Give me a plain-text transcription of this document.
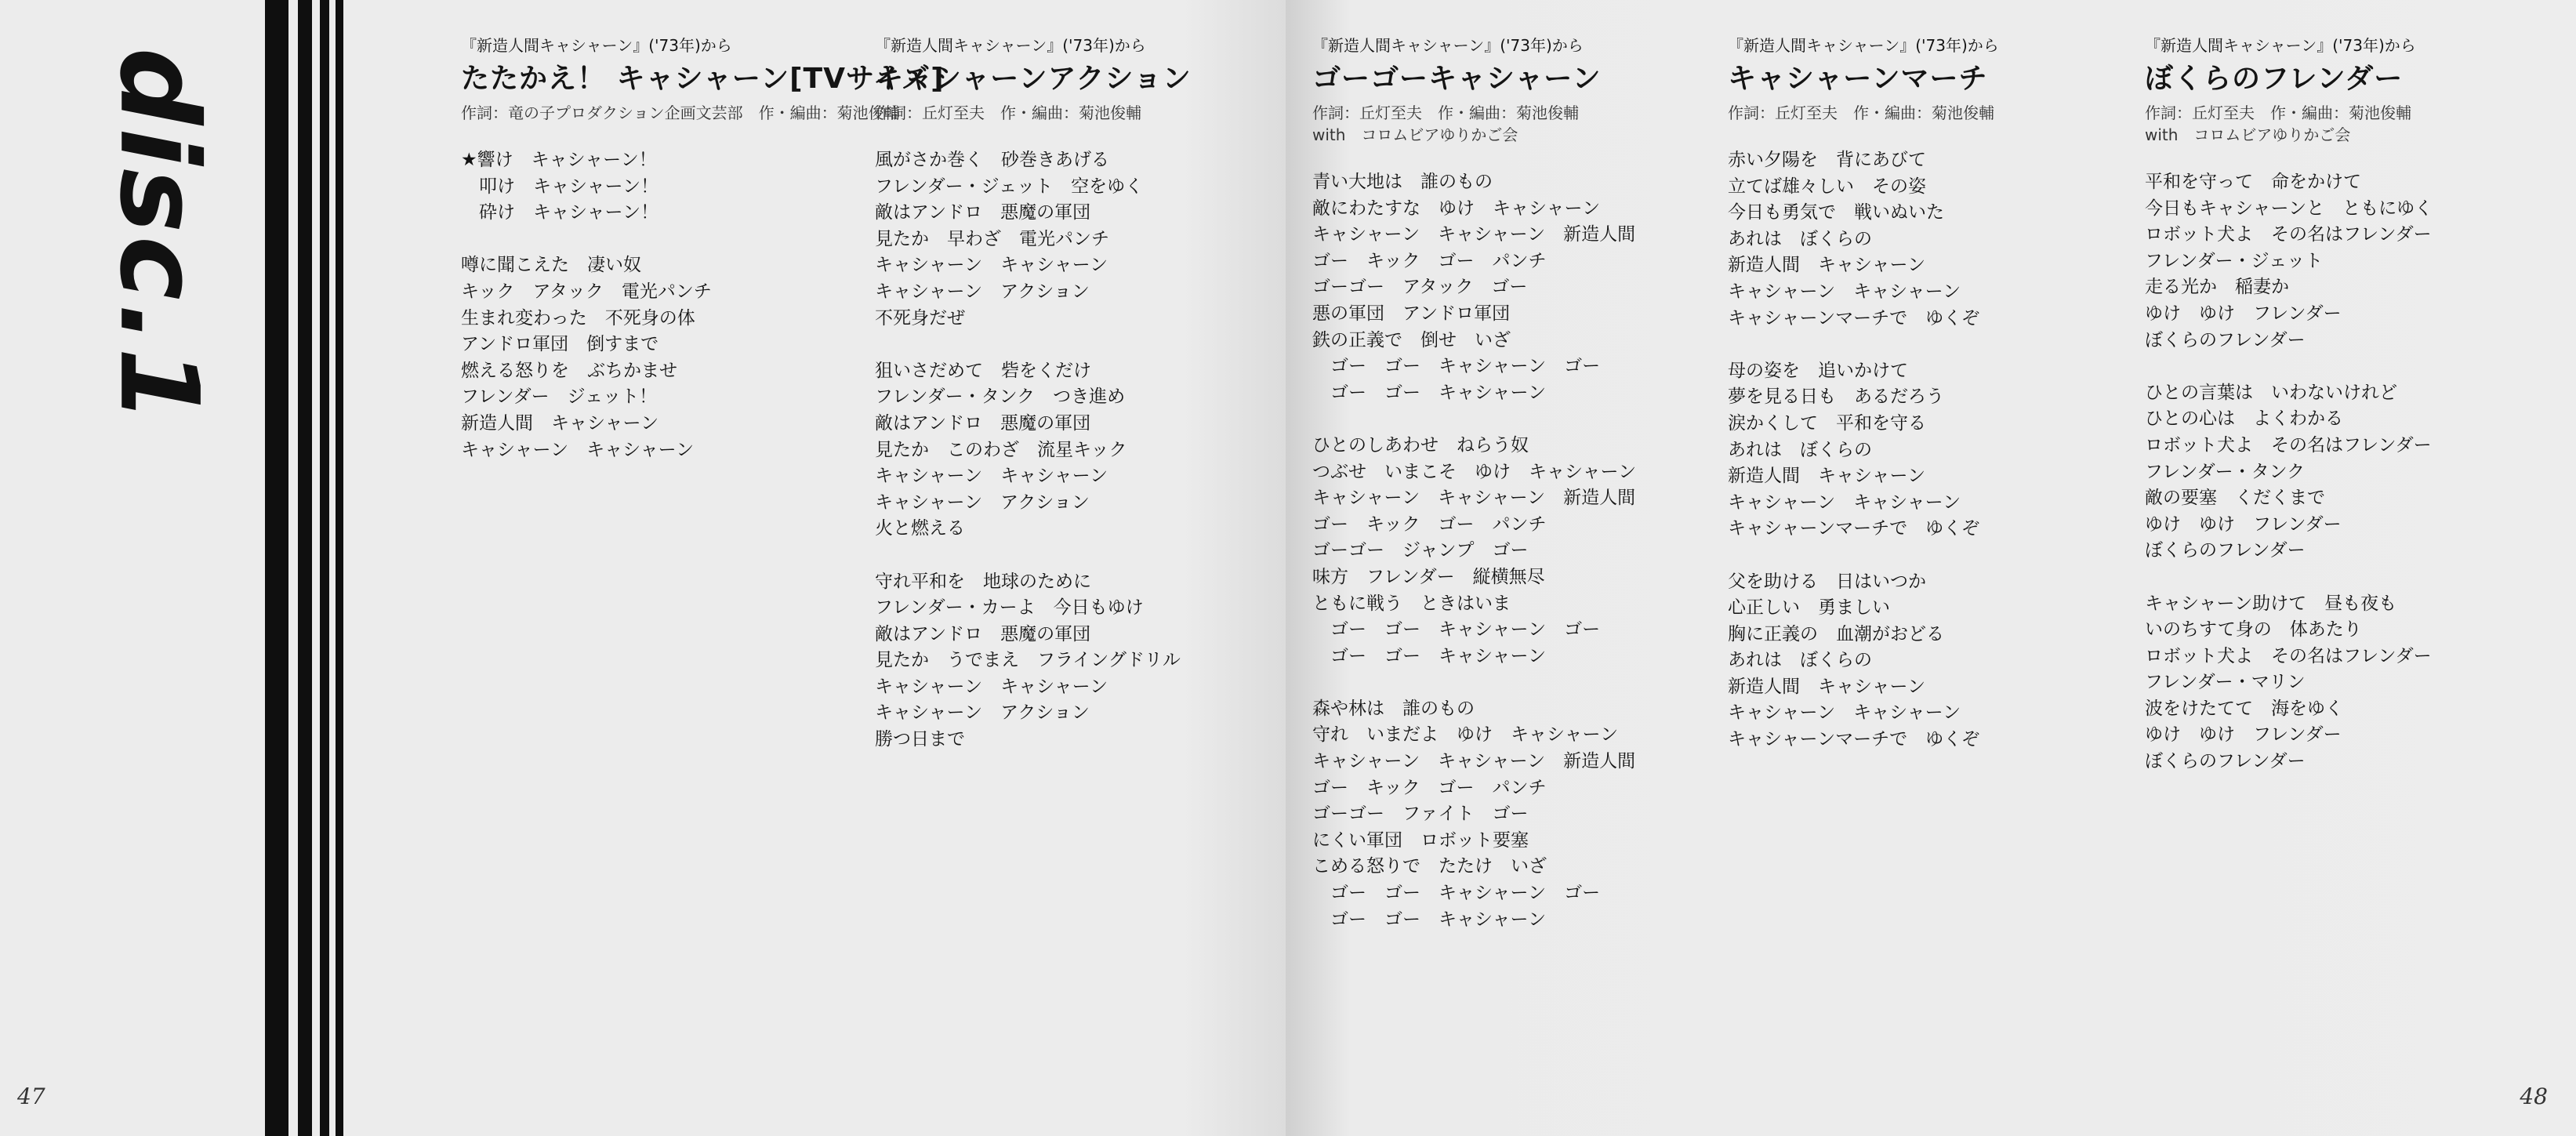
disc.1
『新造人間キャシャーン』('73年)から
たたかえ！ キャシャーン[TVサイズ]
作詞：竜の子プロダクション企画文芸部　作・編曲：菊池俊輔
★響け　キャシャーン！
　叩け　キャシャーン！
　砕け　キャシャーン！
噂に聞こえた　凄い奴
キック　アタック　電光パンチ
生まれ変わった　不死身の体
アンドロ軍団　倒すまで
燃える怒りを　ぶちかませ
フレンダー　ジェット！
新造人間　キャシャーン
キャシャーン　キャシャーン
『新造人間キャシャーン』('73年)から
キャシャーンアクション
作詞：丘灯至夫　作・編曲：菊池俊輔
風がさか巻く　砂巻きあげる
フレンダー・ジェット　空をゆく
敵はアンドロ　悪魔の軍団
見たか　早わざ　電光パンチ
キャシャーン　キャシャーン
キャシャーン　アクション
不死身だぜ
狙いさだめて　砦をくだけ
フレンダー・タンク　つき進め
敵はアンドロ　悪魔の軍団
見たか　このわざ　流星キック
キャシャーン　キャシャーン
キャシャーン　アクション
火と燃える
守れ平和を　地球のために
フレンダー・カーよ　今日もゆけ
敵はアンドロ　悪魔の軍団
見たか　うでまえ　フライングドリル
キャシャーン　キャシャーン
キャシャーン　アクション
勝つ日まで
47
『新造人間キャシャーン』('73年)から
ゴーゴーキャシャーン
作詞：丘灯至夫　作・編曲：菊池俊輔
with　コロムビアゆりかご会
青い大地は　誰のもの
敵にわたすな　ゆけ　キャシャーン
キャシャーン　キャシャーン　新造人間
ゴー　キック　ゴー　パンチ
ゴーゴー　アタック　ゴー
悪の軍団　アンドロ軍団
鉄の正義で　倒せ　いざ
　ゴー　ゴー　キャシャーン　ゴー
　ゴー　ゴー　キャシャーン
ひとのしあわせ　ねらう奴
つぶせ　いまこそ　ゆけ　キャシャーン
キャシャーン　キャシャーン　新造人間
ゴー　キック　ゴー　パンチ
ゴーゴー　ジャンプ　ゴー
味方　フレンダー　縦横無尽
ともに戦う　ときはいま
　ゴー　ゴー　キャシャーン　ゴー
　ゴー　ゴー　キャシャーン
森や林は　誰のもの
守れ　いまだよ　ゆけ　キャシャーン
キャシャーン　キャシャーン　新造人間
ゴー　キック　ゴー　パンチ
ゴーゴー　ファイト　ゴー
にくい軍団　ロボット要塞
こめる怒りで　たたけ　いざ
　ゴー　ゴー　キャシャーン　ゴー
　ゴー　ゴー　キャシャーン
『新造人間キャシャーン』('73年)から
キャシャーンマーチ
作詞：丘灯至夫　作・編曲：菊池俊輔
赤い夕陽を　背にあびて
立てば雄々しい　その姿
今日も勇気で　戦いぬいた
あれは　ぼくらの
新造人間　キャシャーン
キャシャーン　キャシャーン
キャシャーンマーチで　ゆくぞ
母の姿を　追いかけて
夢を見る日も　あるだろう
涙かくして　平和を守る
あれは　ぼくらの
新造人間　キャシャーン
キャシャーン　キャシャーン
キャシャーンマーチで　ゆくぞ
父を助ける　日はいつか
心正しい　勇ましい
胸に正義の　血潮がおどる
あれは　ぼくらの
新造人間　キャシャーン
キャシャーン　キャシャーン
キャシャーンマーチで　ゆくぞ
『新造人間キャシャーン』('73年)から
ぼくらのフレンダー
作詞：丘灯至夫　作・編曲：菊池俊輔
with　コロムビアゆりかご会
平和を守って　命をかけて
今日もキャシャーンと　ともにゆく
ロボット犬よ　その名はフレンダー
フレンダー・ジェット
走る光か　稲妻か
ゆけ　ゆけ　フレンダー
ぼくらのフレンダー
ひとの言葉は　いわないけれど
ひとの心は　よくわかる
ロボット犬よ　その名はフレンダー
フレンダー・タンク
敵の要塞　くだくまで
ゆけ　ゆけ　フレンダー
ぼくらのフレンダー
キャシャーン助けて　昼も夜も
いのちすて身の　体あたり
ロボット犬よ　その名はフレンダー
フレンダー・マリン
波をけたてて　海をゆく
ゆけ　ゆけ　フレンダー
ぼくらのフレンダー
48
